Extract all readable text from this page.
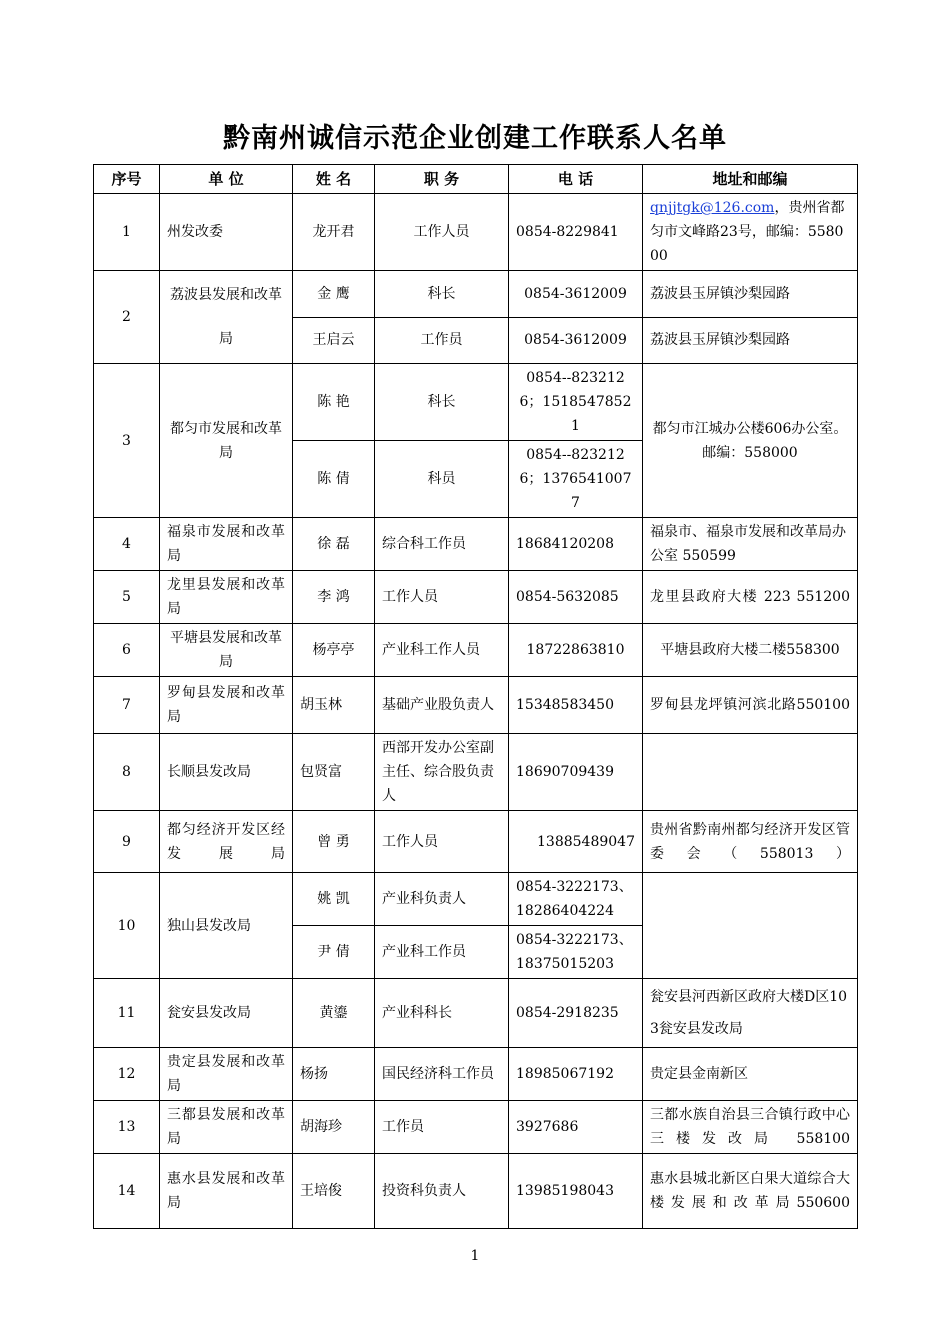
黔南州诚信示范企业创建工作联系人名单
序号	单 位	姓 名	职 务	电 话	地址和邮编
1	州发改委	龙开君	工作人员	0854-8229841	qnjjtgk@126.com，贵州省都匀市文峰路23号，邮编：558000
2	荔波县发展和改革局	金 鹰	科长	0854-3612009	荔波县玉屏镇沙梨园路
		王启云	工作员	0854-3612009	荔波县玉屏镇沙梨园路
3	都匀市发展和改革局	陈 艳	科长	0854--8232126；15185478521	都匀市江城办公楼606办公室。邮编：558000
		陈 倩	科员	0854--8232126；13765410077	
4	福泉市发展和改革局	徐 磊	综合科工作员	18684120208	福泉市、福泉市发展和改革局办公室 550599
5	龙里县发展和改革局	李 鸿	工作人员	0854-5632085	龙里县政府大楼 223 551200
6	平塘县发展和改革局	杨亭亭	产业科工作人员	18722863810	平塘县政府大楼二楼558300
7	罗甸县发展和改革局	胡玉林	基础产业股负责人	15348583450	罗甸县龙坪镇河滨北路550100
8	长顺县发改局	包贤富	西部开发办公室副主任、综合股负责人	18690709439	
9	都匀经济开发区经发展局	曾 勇	工作人员	13885489047	贵州省黔南州都匀经济开发区管委会（558013）
10	独山县发改局	姚 凯	产业科负责人	0854-3222173、18286404224	
		尹 倩	产业科工作员	0854-3222173、18375015203	
11	瓮安县发改局	黄鎏	产业科科长	0854-2918235	瓮安县河西新区政府大楼D区103瓮安县发改局
12	贵定县发展和改革局	杨扬	国民经济科工作员	18985067192	贵定县金南新区
13	三都县发展和改革局	胡海珍	工作员	3927686	三都水族自治县三合镇行政中心三楼发改局 558100
14	惠水县发展和改革局	王培俊	投资科负责人	13985198043	惠水县城北新区白果大道综合大楼发展和改革局550600
1
